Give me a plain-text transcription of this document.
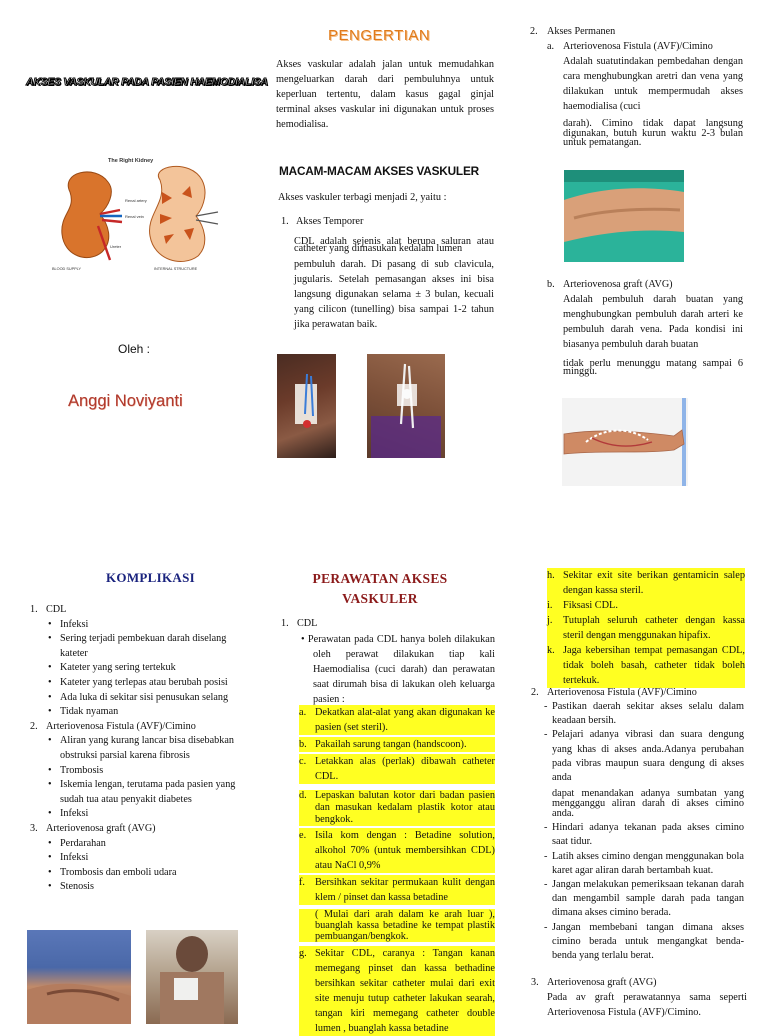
AKSES VASKULAR PADA PASIEN HAEMODIALISA
The Right Kidney
Renal artery
Renal vein
Ureter
BLOOD SUPPLY	INTERNAL STRUCTURE
Oleh :
Anggi Noviyanti
PENGERTIAN
Akses vaskular adalah jalan untuk memudahkan mengeluarkan darah dari pembuluhnya untuk keperluan tertentu, dalam kasus gagal ginjal terminal akses vaskular ini digunakan untuk proses hemodialisa.
MACAM-MACAM AKSES VASKULER
Akses vaskuler terbagi menjadi 2, yaitu :
1. Akses Temporer
CDL adalah sejenis alat berupa saluran atau catheter yang dimasukan kedalam lumen
pembuluh darah. Di pasang di sub clavicula, jugularis. Setelah pemasangan akses ini bisa langsung digunakan selama ± 3 bulan, kecuali yang cilicon (tunelling) bisa sampai 1-2 tahun jika perawatan baik.
2. Akses Permanen
a. Arteriovenosa Fistula (AVF)/Cimino
Adalah suatutindakan pembedahan dengan cara menghubungkan aretri dan vena yang dilakukan untuk mempermudah akses haemodialisa (cuci
darah). Cimino tidak dapat langsung digunakan, butuh kurun waktu 2-3 bulan untuk pematangan.
b. Arteriovenosa graft (AVG)
Adalah pembuluh darah buatan yang menghubungkan pembuluh darah arteri ke pembuluh darah vena. Pada kondisi ini biasanya pembuluh darah buatan
tidak perlu menunggu matang sampai 6 minggu.
KOMPLIKASI
1. CDL
• Infeksi
• Sering terjadi pembekuan darah diselang kateter
• Kateter yang sering tertekuk
• Kateter yang terlepas atau berubah posisi
• Ada luka di sekitar sisi penusukan selang
• Tidak nyaman
2. Arteriovenosa Fistula (AVF)/Cimino
• Aliran yang kurang lancar bisa disebabkan obstruksi parsial karena fibrosis
• Trombosis
• Iskemia lengan, terutama pada pasien yang sudah tua atau penyakit diabetes
• Infeksi
3. Arteriovenosa graft (AVG)
• Perdarahan
• Infeksi
• Trombosis dan emboli udara
• Stenosis
PERAWATAN AKSES VASKULER
1. CDL
• Perawatan pada CDL hanya boleh dilakukan oleh perawat dilakukan tiap kali Haemodialisa (cuci darah) dan perawatan saat dirumah bisa di lakukan oleh keluarga pasien :
a. Dekatkan alat-alat yang akan digunakan ke pasien (set steril).
b. Pakailah sarung tangan (handscoon).
c. Letakkan alas (perlak) dibawah catheter CDL.
d. Lepaskan balutan kotor dari badan pasien dan masukan kedalam plastik kotor atau bengkok.
e. Isila kom dengan : Betadine solution, alkohol 70% (untuk membersihkan CDL) atau NaCl 0,9%
f. Bersihkan sekitar permukaan kulit dengan klem / pinset dan kassa betadine
( Mulai dari arah dalam ke arah luar ), buanglah kassa betadine ke tempat plastik pembuangan/bengkok.
g. Sekitar CDL, caranya : Tangan kanan memegang pinset dan kassa bethadine bersihkan sekitar catheter mulai dari exit site menuju tutup catheter lakukan searah, tangan kiri memegang catheter double lumen , buanglah kassa betadine
h. Sekitar exit site berikan gentamicin salep dengan kassa steril.
i.	Fiksasi CDL.
j.	Tutuplah seluruh catheter dengan kassa steril dengan menggunakan hipafix.
k. Jaga kebersihan tempat pemasangan CDL, tidak boleh basah, catheter tidak boleh tertekuk.
2. Arteriovenosa Fistula (AVF)/Cimino
- Pastikan daerah sekitar akses selalu dalam keadaan bersih.
- Pelajari adanya vibrasi dan suara dengung yang khas di akses anda.Adanya perubahan pada vibras maupun suara dengung di akses anda
dapat menandakan adanya sumbatan yang mengganggu aliran darah di akses cimino anda.
- Hindari adanya tekanan pada akses cimino saat tidur.
- Latih akses cimino dengan menggunakan bola karet agar aliran darah bertambah kuat.
- Jangan melakukan pemeriksaan tekanan darah dan mengambil sample darah pada tangan dimana akses cimino berada.
- Jangan membebani tangan dimana akses cimino berada untuk mengangkat benda-benda yang terlalu berat.
3. Arteriovenosa graft (AVG)
Pada av graft perawatannya sama seperti Arteriovenosa Fistula (AVF)/Cimino.
